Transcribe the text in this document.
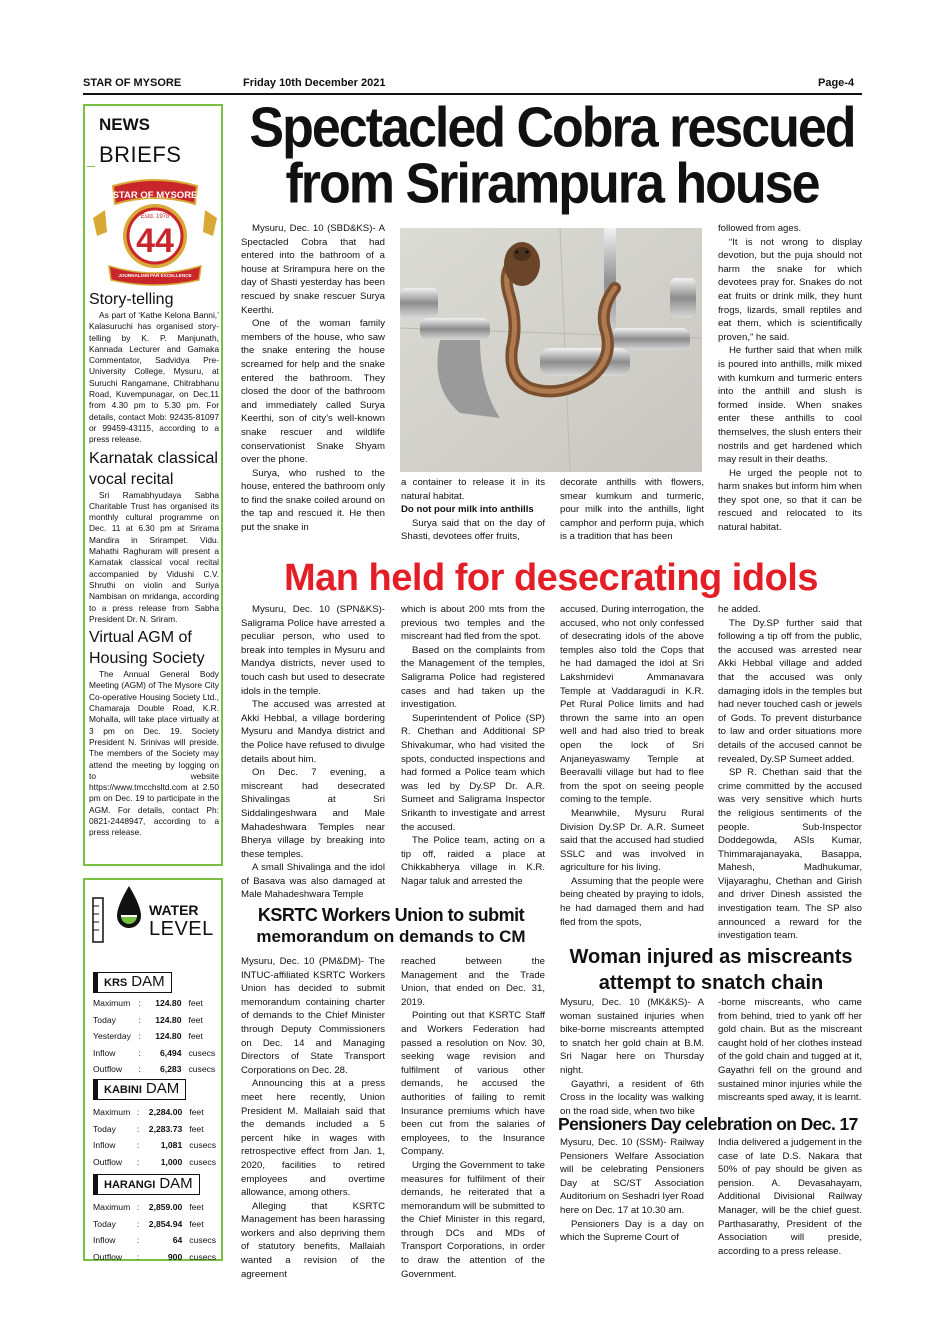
STAR OF MYSORE	Friday 10th December 2021	Page-4
NEWS
BRIEFS
STAR OF MYSORE
Estd. 1978
44
JOURNALISM PAR EXCELLENCE
Story-telling
As part of ‘Kathe Kelona Banni,’ Kalasuruchi has organised story-telling by K. P. Manjunath, Kannada Lecturer and Gamaka Commentator, Sadvidya Pre-University College, Mysuru, at Suruchi Rangamane, Chitrabhanu Road, Kuvempunagar, on Dec.11 from 4.30 pm to 5.30 pm. For details, contact Mob: 92435-81097 or 99459-43115, according to a press release.
Karnatak classical vocal recital
Sri Ramabhyudaya Sabha Charitable Trust has organised its monthly cultural programme on Dec. 11 at 6.30 pm at Srirama Mandira in Srirampet. Vidu. Mahathi Raghuram will present a Karnatak classical vocal recital accompanied by Vidushi C.V. Shruthi on violin and Suriya Nambisan on mridanga, according to a press release from Sabha President Dr. N. Sriram.
Virtual AGM of Housing Society
The Annual General Body Meeting (AGM) of The Mysore City Co-operative Housing Society Ltd., Chamaraja Double Road, K.R. Mohalla, will take place virtually at 3 pm on Dec. 19. Society President N. Srinivas will preside. The members of the Society may attend the meeting by logging on to website https://www.tmcchsltd.com at 2.50 pm on Dec. 19 to participate in the AGM. For details, contact Ph: 0821-2448947, according to a press release.
WATER
LEVEL
KRS DAM
Maximum	:	124.80	feet
Today	:	124.80	feet
Yesterday	:	124.80	feet
Inflow	:	6,494	cusecs
Outflow	:	6,283	cusecs
KABINI DAM
Maximum	:	2,284.00	feet
Today	:	2,283.73	feet
Inflow	:	1,081	cusecs
Outflow	:	1,000	cusecs
HARANGI DAM
Maximum	:	2,859.00	feet
Today	:	2,854.94	feet
Inflow	:	64	cusecs
Outflow	:	900	cusecs
Spectacled Cobra rescued
from Srirampura house

Mysuru, Dec. 10 (SBD&KS)- A Spectacled Cobra that had entered into the bathroom of a house at Srirampura here on the day of Shasti yesterday has been rescued by snake rescuer Surya Keerthi.

One of the woman family members of the house, who saw the snake entering the house screamed for help and the snake entered the bathroom. They closed the door of the bathroom and immediately called Surya Keerthi, son of city’s well-known snake rescuer and wildlife conservationist Snake Shyam over the phone.

Surya, who rushed to the house, entered the bathroom only to find the snake coiled around on the tap and rescued it. He then put the snake in

a container to release it in its natural habitat.

Do not pour milk into anthills

Surya said that on the day of Shasti, devotees offer fruits,

decorate anthills with flowers, smear kumkum and turmeric, pour milk into the anthills, light camphor and perform puja, which is a tradition that has been
followed from ages.

“It is not wrong to display devotion, but the puja should not harm the snake for which devotees pray for. Snakes do not eat fruits or drink milk, they hunt frogs, lizards, small reptiles and eat them, which is scientifically proven,” he said.

He further said that when milk is poured into anthills, milk mixed with kumkum and turmeric enters into the anthill and slush is formed inside. When snakes enter these anthills to cool themselves, the slush enters their nostrils and get hardened which may result in their deaths.

He urged the people not to harm snakes but inform him when they spot one, so that it can be rescued and relocated to its natural habitat.

Man held for desecrating idols

Mysuru, Dec. 10 (SPN&KS)- Saligrama Police have arrested a peculiar person, who used to break into temples in Mysuru and Mandya districts, never used to touch cash but used to desecrate idols in the temple.

The accused was arrested at Akki Hebbal, a village bordering Mysuru and Mandya district and the Police have refused to divulge details about him.

On Dec. 7 evening, a miscreant had desecrated Shivalingas at Sri Siddalingeshwara and Male Mahadeshwara Temples near Bherya village by breaking into these temples.

A small Shivalinga and the idol of Basava was also damaged at Male Mahadeshwara Temple

which is about 200 mts from the previous two temples and the miscreant had fled from the spot.

Based on the complaints from the Management of the temples, Saligrama Police had registered cases and had taken up the investigation.

Superintendent of Police (SP) R. Chethan and Additional SP Shivakumar, who had visited the spots, conducted inspections and had formed a Police team which was led by Dy.SP Dr. A.R. Sumeet and Saligrama Inspector Srikanth to investigate and arrest the accused.

The Police team, acting on a tip off, raided a place at Chikkabherya village in K.R. Nagar taluk and arrested the

accused. During interrogation, the accused, who not only confessed of desecrating idols of the above temples also told the Cops that he had damaged the idol at Sri Lakshmidevi Ammanavara Temple at Vaddaragudi in K.R. Pet Rural Police limits and had thrown the same into an open well and had also tried to break open the lock of Sri Anjaneyaswamy Temple at Beeravalli village but had to flee from the spot on seeing people coming to the temple.

Meanwhile, Mysuru Rural Division Dy.SP Dr. A.R. Sumeet said that the accused had studied SSLC and was involved in agriculture for his living.

Assuming that the people were being cheated by praying to idols, he had damaged them and had fled from the spots,

he added.

The Dy.SP further said that following a tip off from the public, the accused was arrested near Akki Hebbal village and added that the accused was only damaging idols in the temples but had never touched cash or jewels of Gods. To prevent disturbance to law and order situations more details of the accused cannot be revealed, Dy.SP Sumeet added.

SP R. Chethan said that the crime committed by the accused was very sensitive which hurts the religious sentiments of the people. Sub-Inspector Doddegowda, ASIs Kumar, Thimmarajanayaka, Basappa, Mahesh, Madhukumar, Vijayaraghu, Chethan and Girish and driver Dinesh assisted the investigation team. The SP also announced a reward for the investigation team.

KSRTC Workers Union to submit
memorandum on demands to CM
Mysuru, Dec. 10 (PM&DM)- The INTUC-affiliated KSRTC Workers Union has decided to submit memorandum containing charter of demands to the Chief Minister through Deputy Commissioners on Dec. 14 and Managing Directors of State Transport Corporations on Dec. 28.

Announcing this at a press meet here recently, Union President M. Mallaiah said that the demands included a 5 percent hike in wages with retrospective effect from Jan. 1, 2020, facilities to retired employees and overtime allowance, among others.

Alleging that KSRTC Management has been harassing workers and also depriving them of statutory benefits, Mallaiah wanted a revision of the agreement

reached between the Management and the Trade Union, that ended on Dec. 31, 2019.

Pointing out that KSRTC Staff and Workers Federation had passed a resolution on Nov. 30, seeking wage revision and fulfilment of various other demands, he accused the authorities of failing to remit Insurance premiums which have been cut from the salaries of employees, to the Insurance Company.

Urging the Government to take measures for fulfilment of their demands, he reiterated that a memorandum will be submitted to the Chief Minister in this regard, through DCs and MDs of Transport Corporations, in order to draw the attention of the Government.

Woman injured as miscreants
attempt to snatch chain
Mysuru, Dec. 10 (MK&KS)- A woman sustained injuries when bike-borne miscreants attempted to snatch her gold chain at B.M. Sri Nagar here on Thursday night.

Gayathri, a resident of 6th Cross in the locality was walking on the road side, when two bike

-borne miscreants, who came from behind, tried to yank off her gold chain. But as the miscreant caught hold of her clothes instead of the gold chain and tugged at it, Gayathri fell on the ground and sustained minor injuries while the miscreants sped away, it is learnt.
Pensioners Day celebration on Dec. 17
Mysuru, Dec. 10 (SSM)- Railway Pensioners Welfare Association will be celebrating Pensioners Day at SC/ST Association Auditorium on Seshadri Iyer Road here on Dec. 17 at 10.30 am.

Pensioners Day is a day on which the Supreme Court of

India delivered a judgement in the case of late D.S. Nakara that 50% of pay should be given as pension. A. Devasahayam, Additional Divisional Railway Manager, will be the chief guest. Parthasarathy, President of the Association will preside, according to a press release.
